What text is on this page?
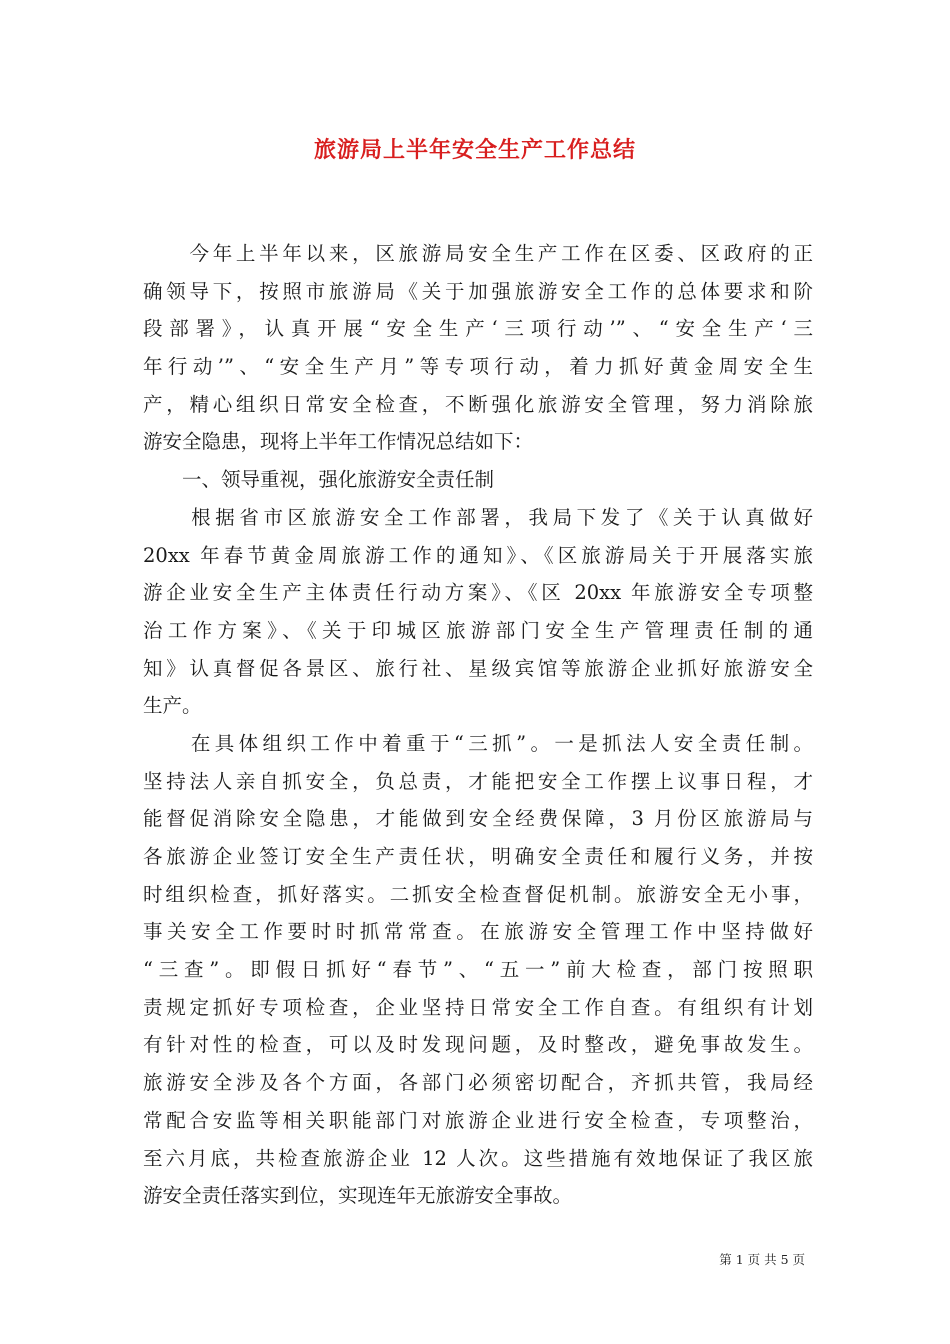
旅游局上半年安全生产工作总结
　　今年上半年以来，区旅游局安全生产工作在区委、区政府的正
确领导下，按照市旅游局《关于加强旅游安全工作的总体要求和阶
段部署》，认真开展“安全生产‘三项行动’”、“安全生产‘三
年行动’”、“安全生产月”等专项行动，着力抓好黄金周安全生
产，精心组织日常安全检查，不断强化旅游安全管理，努力消除旅
游安全隐患，现将上半年工作情况总结如下：
　　一、领导重视，强化旅游安全责任制
　　根据省市区旅游安全工作部署，我局下发了《关于认真做好
20xx 年春节黄金周旅游工作的通知》、《区旅游局关于开展落实旅
游企业安全生产主体责任行动方案》、《区 20xx 年旅游安全专项整
治工作方案》、《关于印城区旅游部门安全生产管理责任制的通
知》认真督促各景区、旅行社、星级宾馆等旅游企业抓好旅游安全
生产。
　　在具体组织工作中着重于“三抓”。一是抓法人安全责任制。
坚持法人亲自抓安全，负总责，才能把安全工作摆上议事日程，才
能督促消除安全隐患，才能做到安全经费保障，3 月份区旅游局与
各旅游企业签订安全生产责任状，明确安全责任和履行义务，并按
时组织检查，抓好落实。二抓安全检查督促机制。旅游安全无小事，
事关安全工作要时时抓常常查。在旅游安全管理工作中坚持做好
“三查”。即假日抓好“春节”、“五一”前大检查，部门按照职
责规定抓好专项检查，企业坚持日常安全工作自查。有组织有计划
有针对性的检查，可以及时发现问题，及时整改，避免事故发生。
旅游安全涉及各个方面，各部门必须密切配合，齐抓共管，我局经
常配合安监等相关职能部门对旅游企业进行安全检查，专项整治，
至六月底，共检查旅游企业 12 人次。这些措施有效地保证了我区旅
游安全责任落实到位，实现连年无旅游安全事故。
第 1 页 共 5 页
